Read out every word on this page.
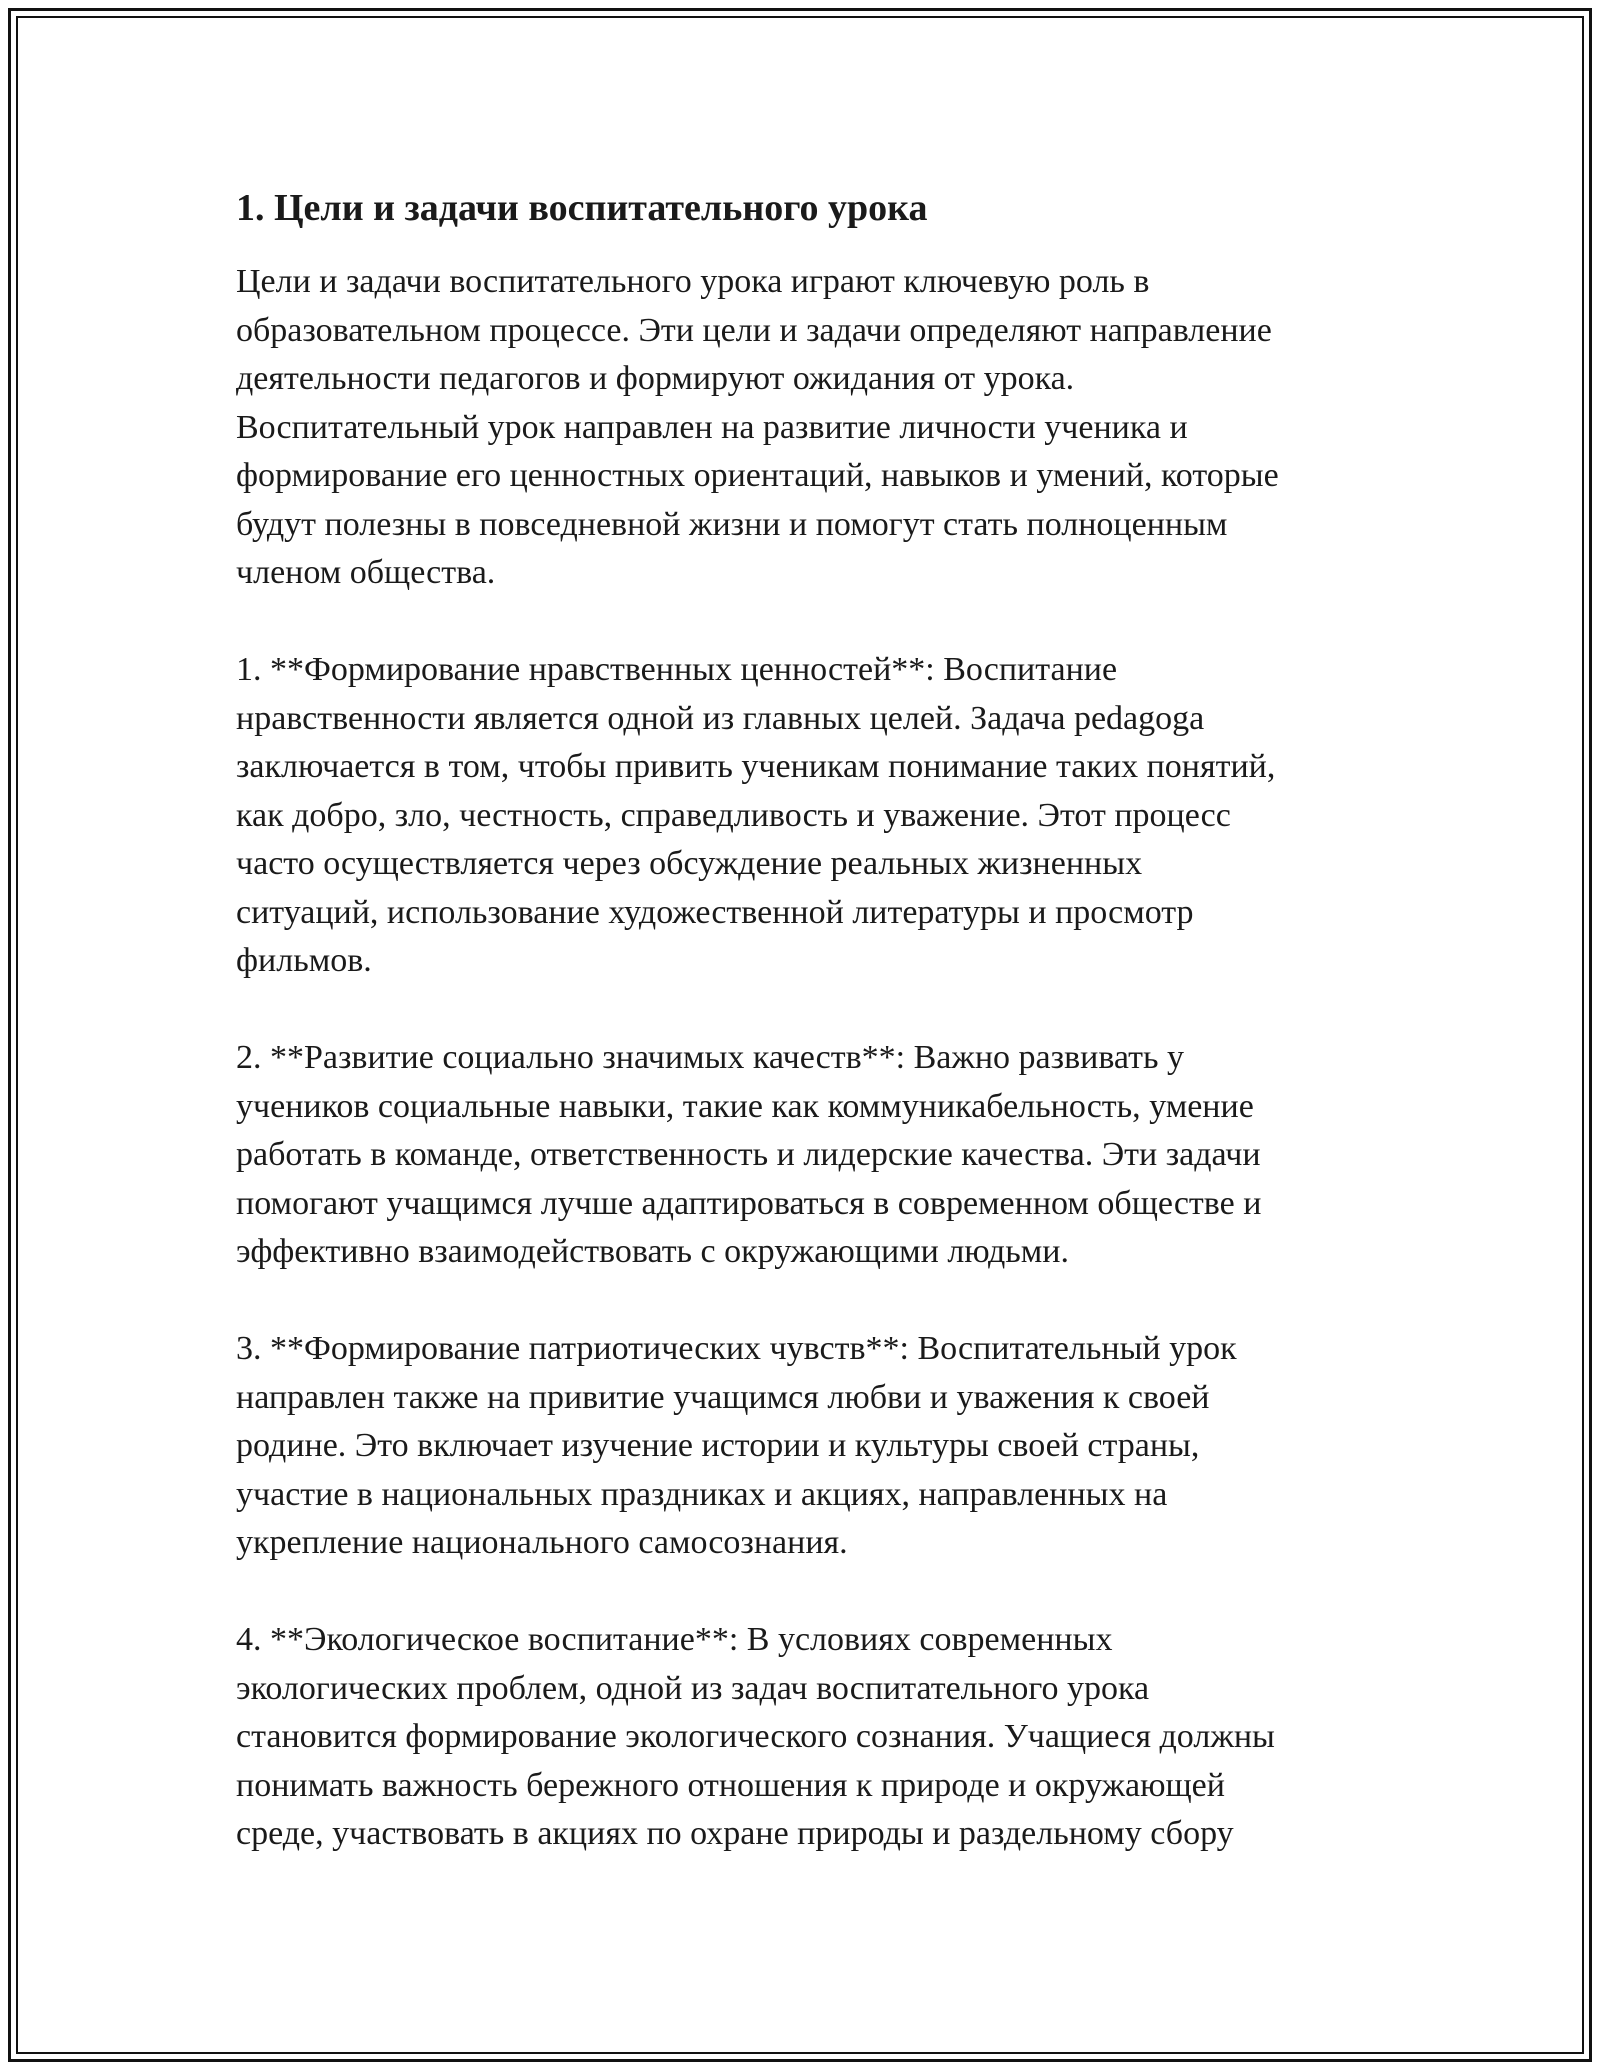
1. Цели и задачи воспитательного урока
Цели и задачи воспитательного урока играют ключевую роль в
образовательном процессе. Эти цели и задачи определяют направление
деятельности педагогов и формируют ожидания от урока.
Воспитательный урок направлен на развитие личности ученика и
формирование его ценностных ориентаций, навыков и умений, которые
будут полезны в повседневной жизни и помогут стать полноценным
членом общества.
1. **Формирование нравственных ценностей**: Воспитание
нравственности является одной из главных целей. Задача pedagoga
заключается в том, чтобы привить ученикам понимание таких понятий,
как добро, зло, честность, справедливость и уважение. Этот процесс
часто осуществляется через обсуждение реальных жизненных
ситуаций, использование художественной литературы и просмотр
фильмов.
2. **Развитие социально значимых качеств**: Важно развивать у
учеников социальные навыки, такие как коммуникабельность, умение
работать в команде, ответственность и лидерские качества. Эти задачи
помогают учащимся лучше адаптироваться в современном обществе и
эффективно взаимодействовать с окружающими людьми.
3. **Формирование патриотических чувств**: Воспитательный урок
направлен также на привитие учащимся любви и уважения к своей
родине. Это включает изучение истории и культуры своей страны,
участие в национальных праздниках и акциях, направленных на
укрепление национального самосознания.
4. **Экологическое воспитание**: В условиях современных
экологических проблем, одной из задач воспитательного урока
становится формирование экологического сознания. Учащиеся должны
понимать важность бережного отношения к природе и окружающей
среде, участвовать в акциях по охране природы и раздельному сбору
